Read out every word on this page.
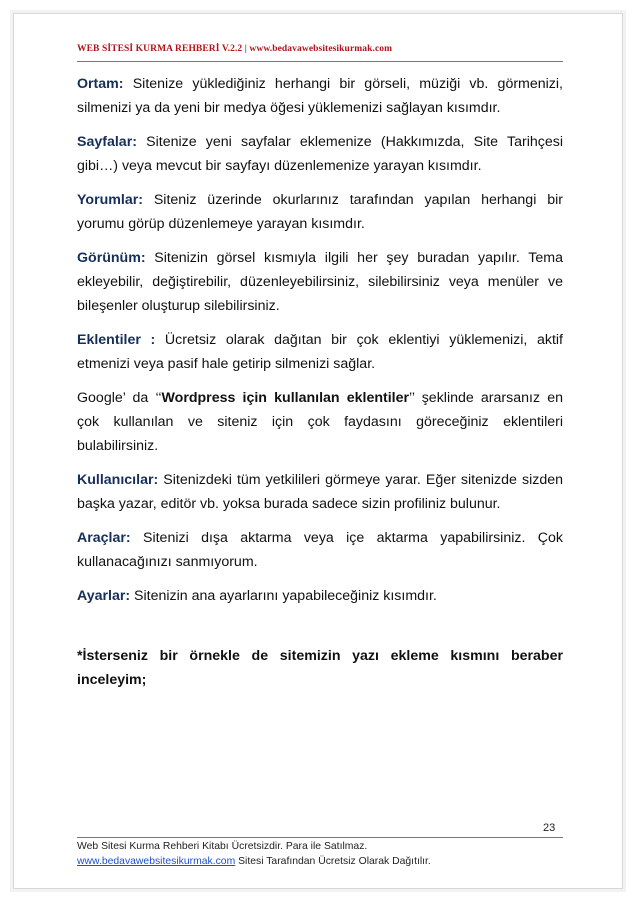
WEB SİTESİ KURMA REHBERİ V.2.2 | www.bedavawebsitesikurmak.com

Ortam: Sitenize yüklediğiniz herhangi bir görseli, müziği vb. görmenizi, silmenizi ya da yeni bir medya öğesi yüklemenizi sağlayan kısımdır.

Sayfalar: Sitenize yeni sayfalar eklemenize (Hakkımızda, Site Tarihçesi gibi…) veya mevcut bir sayfayı düzenlemenize yarayan kısımdır.

Yorumlar: Siteniz üzerinde okurlarınız tarafından yapılan herhangi bir yorumu görüp düzenlemeye yarayan kısımdır.

Görünüm: Sitenizin görsel kısmıyla ilgili her şey buradan yapılır. Tema ekleyebilir, değiştirebilir, düzenleyebilirsiniz, silebilirsiniz veya menüler ve bileşenler oluşturup silebilirsiniz.

Eklentiler : Ücretsiz olarak dağıtan bir çok eklentiyi yüklemenizi, aktif etmenizi veya pasif hale getirip silmenizi sağlar.

Google’ da ‘‘Wordpress için kullanılan eklentiler’’ şeklinde ararsanız en çok kullanılan ve siteniz için çok faydasını göreceğiniz eklentileri bulabilirsiniz.

Kullanıcılar: Sitenizdeki tüm yetkilileri görmeye yarar. Eğer sitenizde sizden başka yazar, editör vb. yoksa burada sadece sizin profiliniz bulunur.

Araçlar: Sitenizi dışa aktarma veya içe aktarma yapabilirsiniz. Çok kullanacağınızı sanmıyorum.

Ayarlar: Sitenizin ana ayarlarını yapabileceğiniz kısımdır.

*İsterseniz bir örnekle de sitemizin yazı ekleme kısmını beraber inceleyim;

23
Web Sitesi Kurma Rehberi Kitabı Ücretsizdir. Para ile Satılmaz.
www.bedavawebsitesikurmak.com Sitesi Tarafından Ücretsiz Olarak Dağıtılır.
